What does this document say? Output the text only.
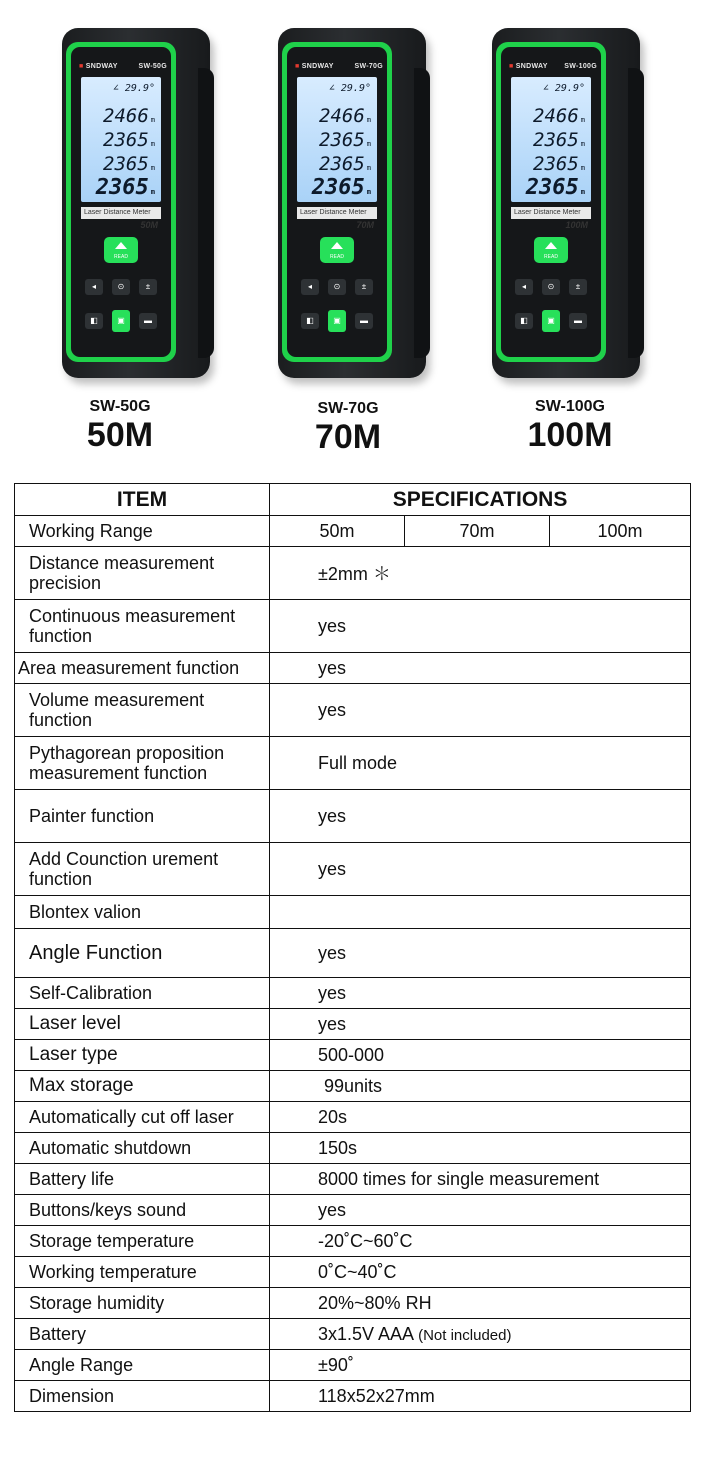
■ SNDWAY	SW-50G
∠ 29.9°
2466 m
2365 m
2365 m
2365 m
Laser Distance Meter
50M
READ
◂	⊙	±
◧	▣	▬
SW-50G
50M
■ SNDWAY	SW-70G
∠ 29.9°
2466 m
2365 m
2365 m
2365 m
Laser Distance Meter
70M
READ
◂	⊙	±
◧	▣	▬
SW-70G
70M
■ SNDWAY SW-100G
∠ 29.9°
2466 m
2365 m
2365 m
2365 m
Laser Distance Meter
100M
READ
◂	⊙	±
◧	▣	▬
SW-100G
100M
ITEM	SPECIFICATIONS		
Working Range	50m	70m	100m
Distance measurement precision	±2mm ＊		
Continuous measurement function	yes		
Area measurement function	yes		
Volume measurement function	yes		
Pythagorean proposition measurement function	Full mode		
Painter function	yes		
Add Counction urement function	yes		
Blontex valion			
Angle Function	yes		
Self-Calibration	yes		
Laser level	yes		
Laser type	500-000		
Max storage	99units		
Automatically cut off laser	20s		
Automatic shutdown	150s		
Battery life	8000 times for single measurement		
Buttons/keys sound	yes		
Storage temperature	-20˚C~60˚C		
Working temperature	0˚C~40˚C		
Storage humidity	20%~80% RH		
Battery	3x1.5V AAA (Not included)		
Angle Range	±90˚		
Dimension	118x52x27mm		
